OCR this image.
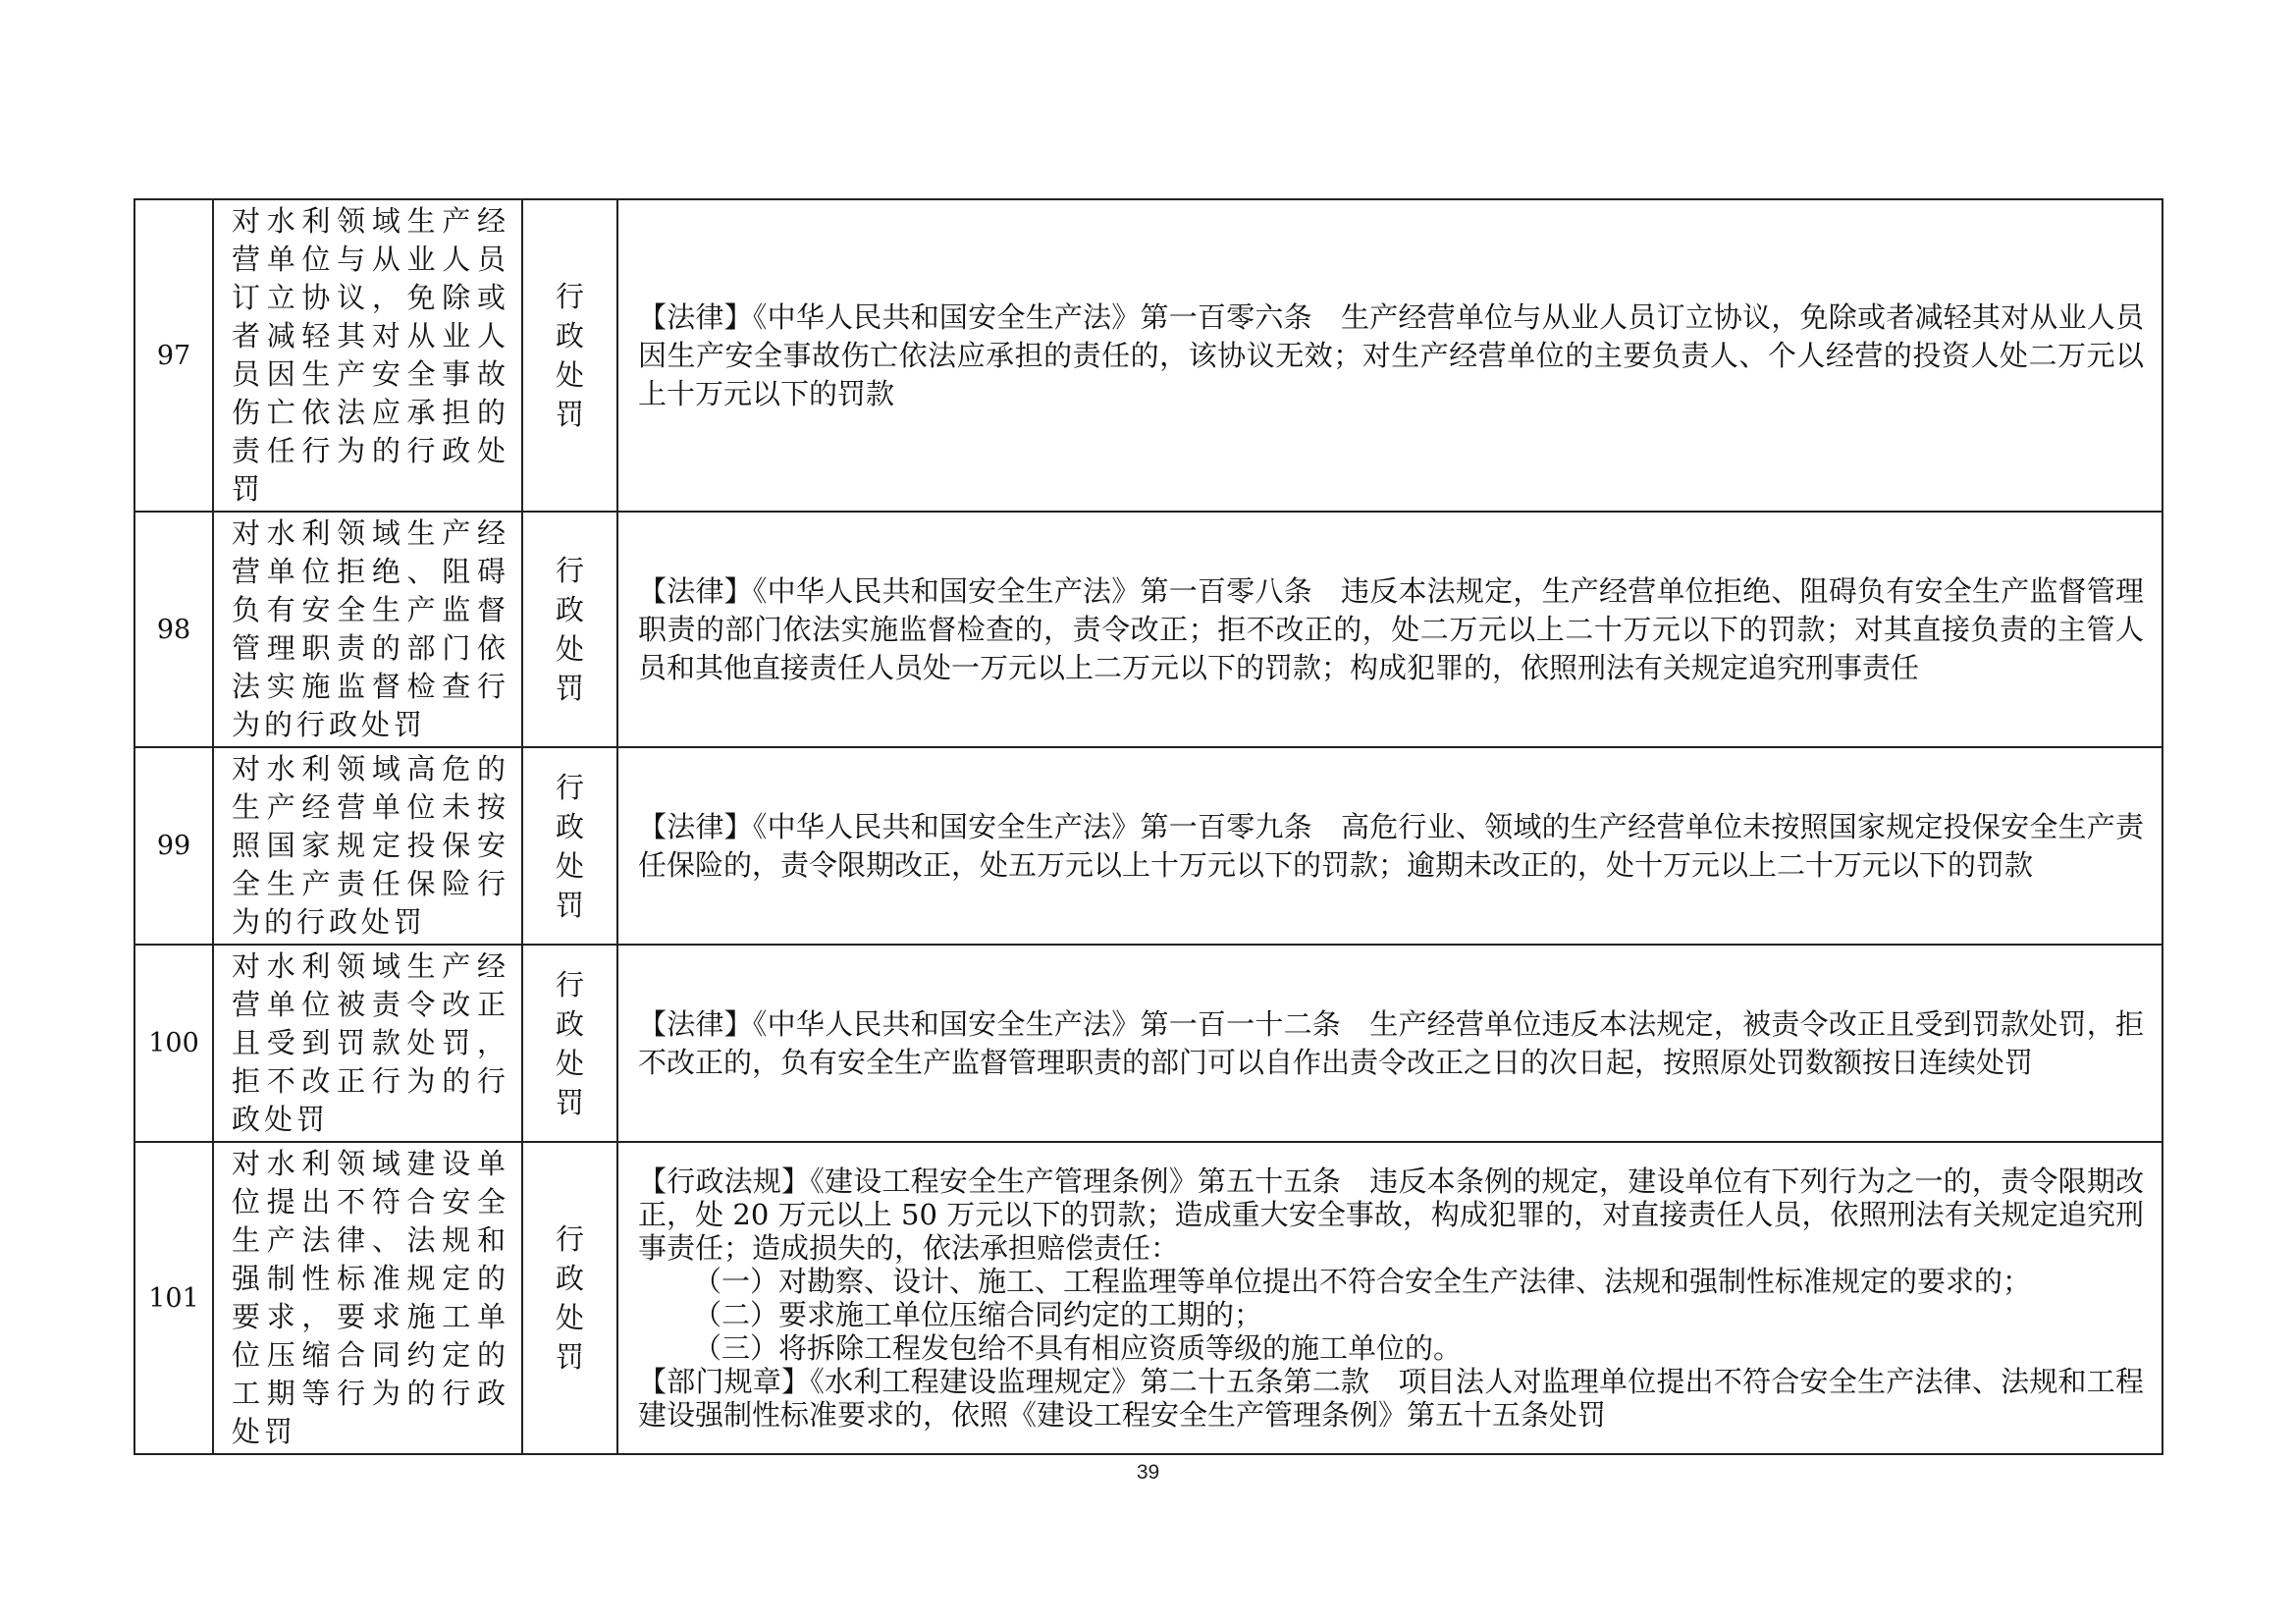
97	对水利领域生产经营单位与从业人员订立协议，免除或者减轻其对从业人员因生产安全事故伤亡依法应承担的责任行为的行政处罚	行政处罚	【法律】《中华人民共和国安全生产法》第一百零六条　生产经营单位与从业人员订立协议，免除或者减轻其对从业人员因生产安全事故伤亡依法应承担的责任的，该协议无效；对生产经营单位的主要负责人、个人经营的投资人处二万元以上十万元以下的罚款

98	对水利领域生产经营单位拒绝、阻碍负有安全生产监督管理职责的部门依法实施监督检查行为的行政处罚	行政处罚	【法律】《中华人民共和国安全生产法》第一百零八条　违反本法规定，生产经营单位拒绝、阻碍负有安全生产监督管理职责的部门依法实施监督检查的，责令改正；拒不改正的，处二万元以上二十万元以下的罚款；对其直接负责的主管人员和其他直接责任人员处一万元以上二万元以下的罚款；构成犯罪的，依照刑法有关规定追究刑事责任

99	对水利领域高危的生产经营单位未按照国家规定投保安全生产责任保险行为的行政处罚	行政处罚	【法律】《中华人民共和国安全生产法》第一百零九条　高危行业、领域的生产经营单位未按照国家规定投保安全生产责任保险的，责令限期改正，处五万元以上十万元以下的罚款；逾期未改正的，处十万元以上二十万元以下的罚款

100	对水利领域生产经营单位被责令改正且受到罚款处罚，拒不改正行为的行政处罚	行政处罚	【法律】《中华人民共和国安全生产法》第一百一十二条　生产经营单位违反本法规定，被责令改正且受到罚款处罚，拒不改正的，负有安全生产监督管理职责的部门可以自作出责令改正之日的次日起，按照原处罚数额按日连续处罚

101	对水利领域建设单位提出不符合安全生产法律、法规和强制性标准规定的要求，要求施工单位压缩合同约定的工期等行为的行政处罚	行政处罚	【行政法规】《建设工程安全生产管理条例》第五十五条　违反本条例的规定，建设单位有下列行为之一的，责令限期改正，处 20 万元以上 50 万元以下的罚款；造成重大安全事故，构成犯罪的，对直接责任人员，依照刑法有关规定追究刑事责任；造成损失的，依法承担赔偿责任：
（一）对勘察、设计、施工、工程监理等单位提出不符合安全生产法律、法规和强制性标准规定的要求的；
（二）要求施工单位压缩合同约定的工期的；
（三）将拆除工程发包给不具有相应资质等级的施工单位的。
【部门规章】《水利工程建设监理规定》第二十五条第二款　项目法人对监理单位提出不符合安全生产法律、法规和工程建设强制性标准要求的，依照《建设工程安全生产管理条例》第五十五条处罚
39
